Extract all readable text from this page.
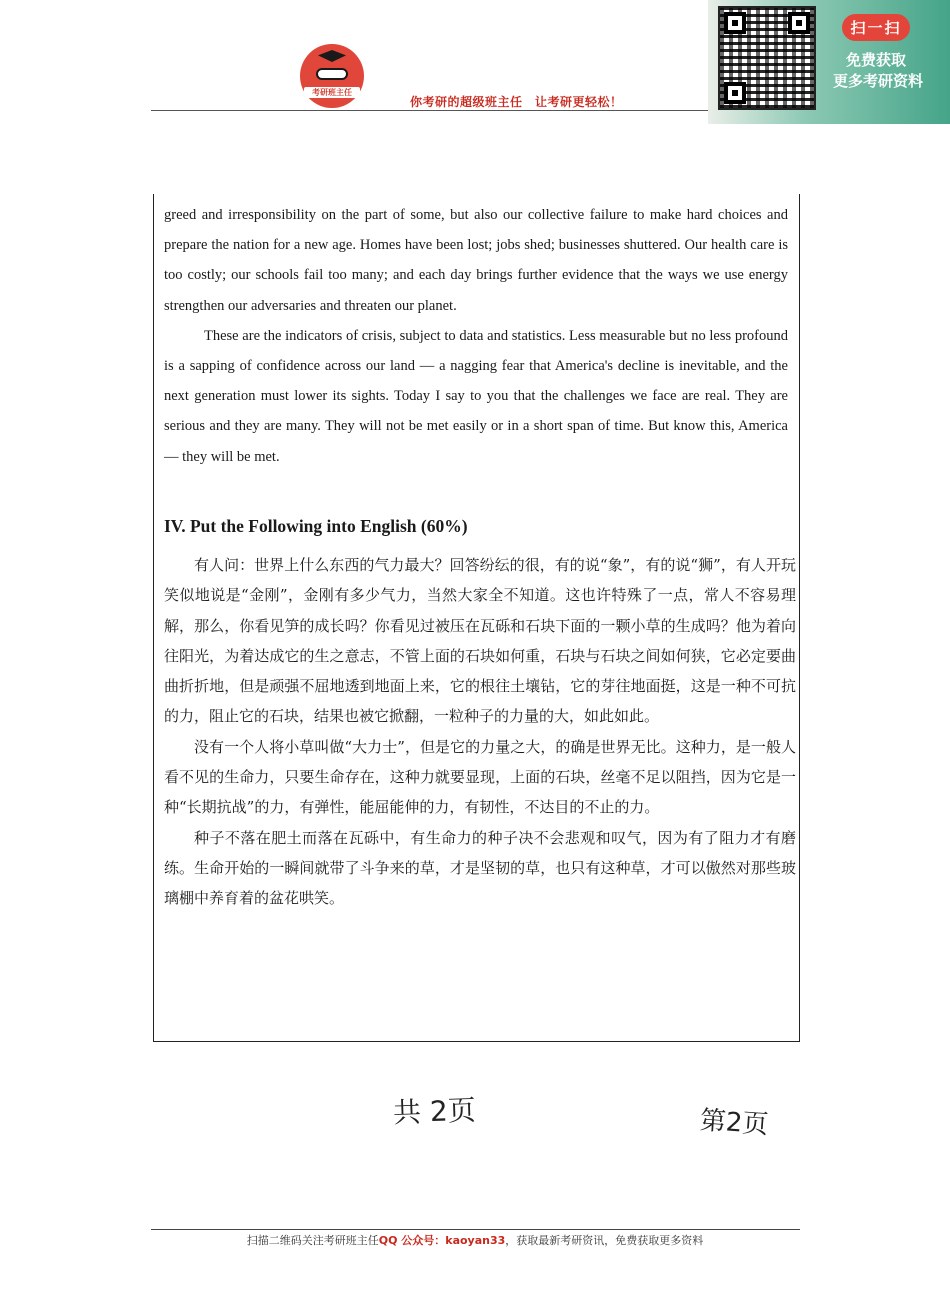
考研班主任
你考研的超级班主任　让考研更轻松！
扫一扫
免费获取
更多考研资料

greed and irresponsibility on the part of some, but also our collective failure to make hard choices and prepare the nation for a new age. Homes have been lost; jobs shed; businesses shuttered. Our health care is too costly; our schools fail too many; and each day brings further evidence that the ways we use energy strengthen our adversaries and threaten our planet.

These are the indicators of crisis, subject to data and statistics. Less measurable but no less profound is a sapping of confidence across our land — a nagging fear that America's decline is inevitable, and the next generation must lower its sights. Today I say to you that the challenges we face are real. They are serious and they are many. They will not be met easily or in a short span of time. But know this, America — they will be met.

IV. Put the Following into English (60%)

有人问：世界上什么东西的气力最大？回答纷纭的很，有的说“象”，有的说“狮”，有人开玩笑似地说是“金刚”，金刚有多少气力，当然大家全不知道。这也许特殊了一点，常人不容易理解，那么，你看见笋的成长吗？你看见过被压在瓦砾和石块下面的一颗小草的生成吗？他为着向往阳光，为着达成它的生之意志，不管上面的石块如何重，石块与石块之间如何狭，它必定要曲曲折折地，但是顽强不屈地透到地面上来，它的根往土壤钻，它的芽往地面挺，这是一种不可抗的力，阻止它的石块，结果也被它掀翻，一粒种子的力量的大，如此如此。

没有一个人将小草叫做“大力士”，但是它的力量之大，的确是世界无比。这种力，是一般人看不见的生命力，只要生命存在，这种力就要显现，上面的石块，丝毫不足以阻挡，因为它是一种“长期抗战”的力，有弹性，能屈能伸的力，有韧性，不达目的不止的力。

种子不落在肥土而落在瓦砾中，有生命力的种子决不会悲观和叹气，因为有了阻力才有磨练。生命开始的一瞬间就带了斗争来的草，才是坚韧的草，也只有这种草，才可以傲然对那些玻璃棚中养育着的盆花哄笑。

共 2页	第2页
扫描二维码关注考研班主任QQ 公众号：kaoyan33，获取最新考研资讯，免费获取更多资料
